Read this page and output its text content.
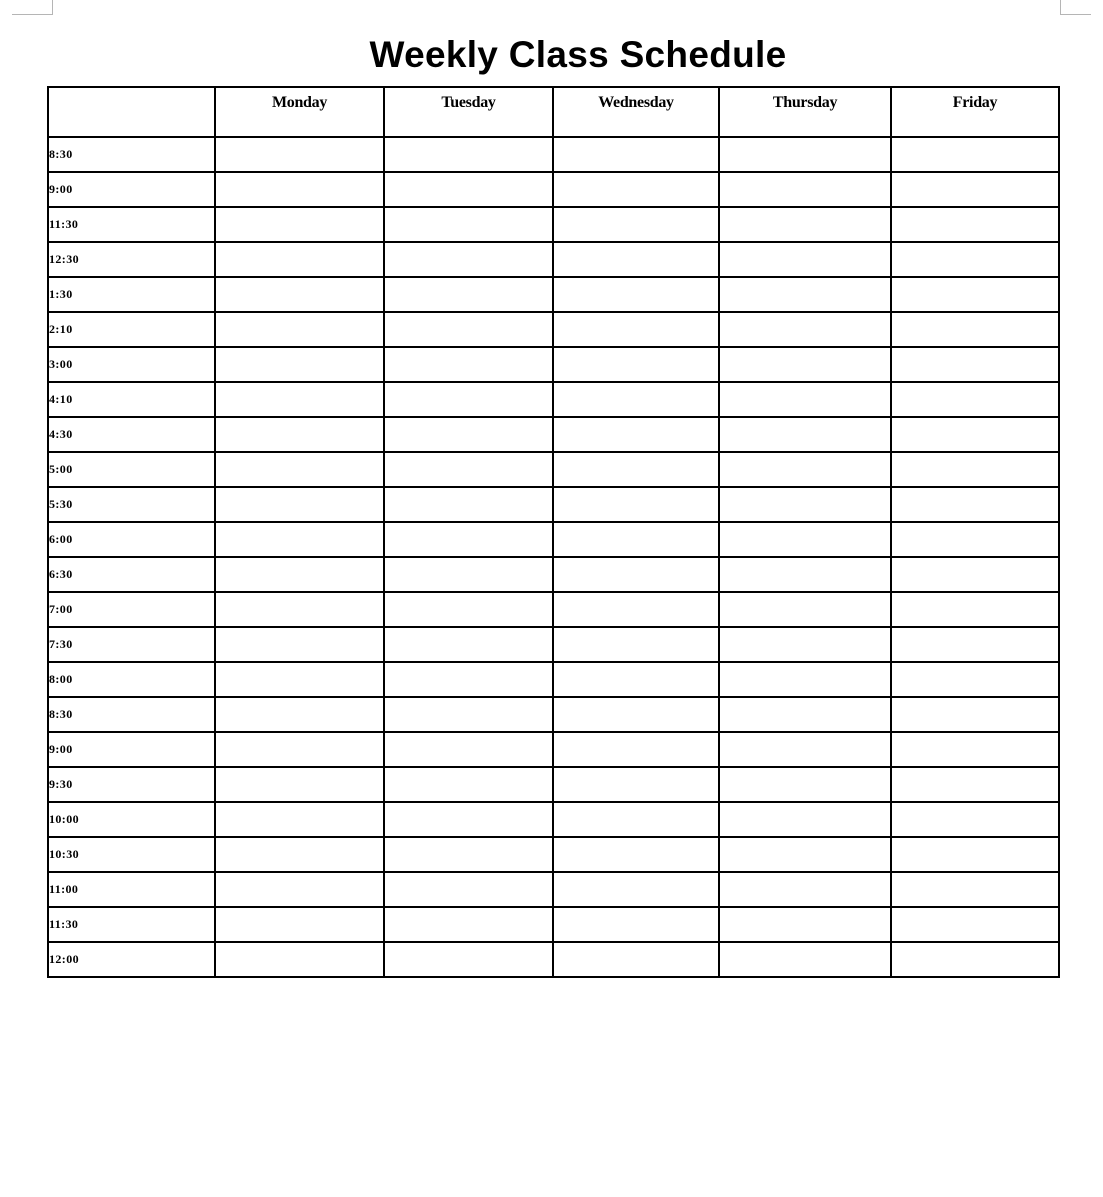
Weekly Class Schedule
	Monday	Tuesday	Wednesday	Thursday	Friday
8:30					
9:00					
11:30					
12:30					
1:30					
2:10					
3:00					
4:10					
4:30					
5:00					
5:30					
6:00					
6:30					
7:00					
7:30					
8:00					
8:30					
9:00					
9:30					
10:00					
10:30					
11:00					
11:30					
12:00					
